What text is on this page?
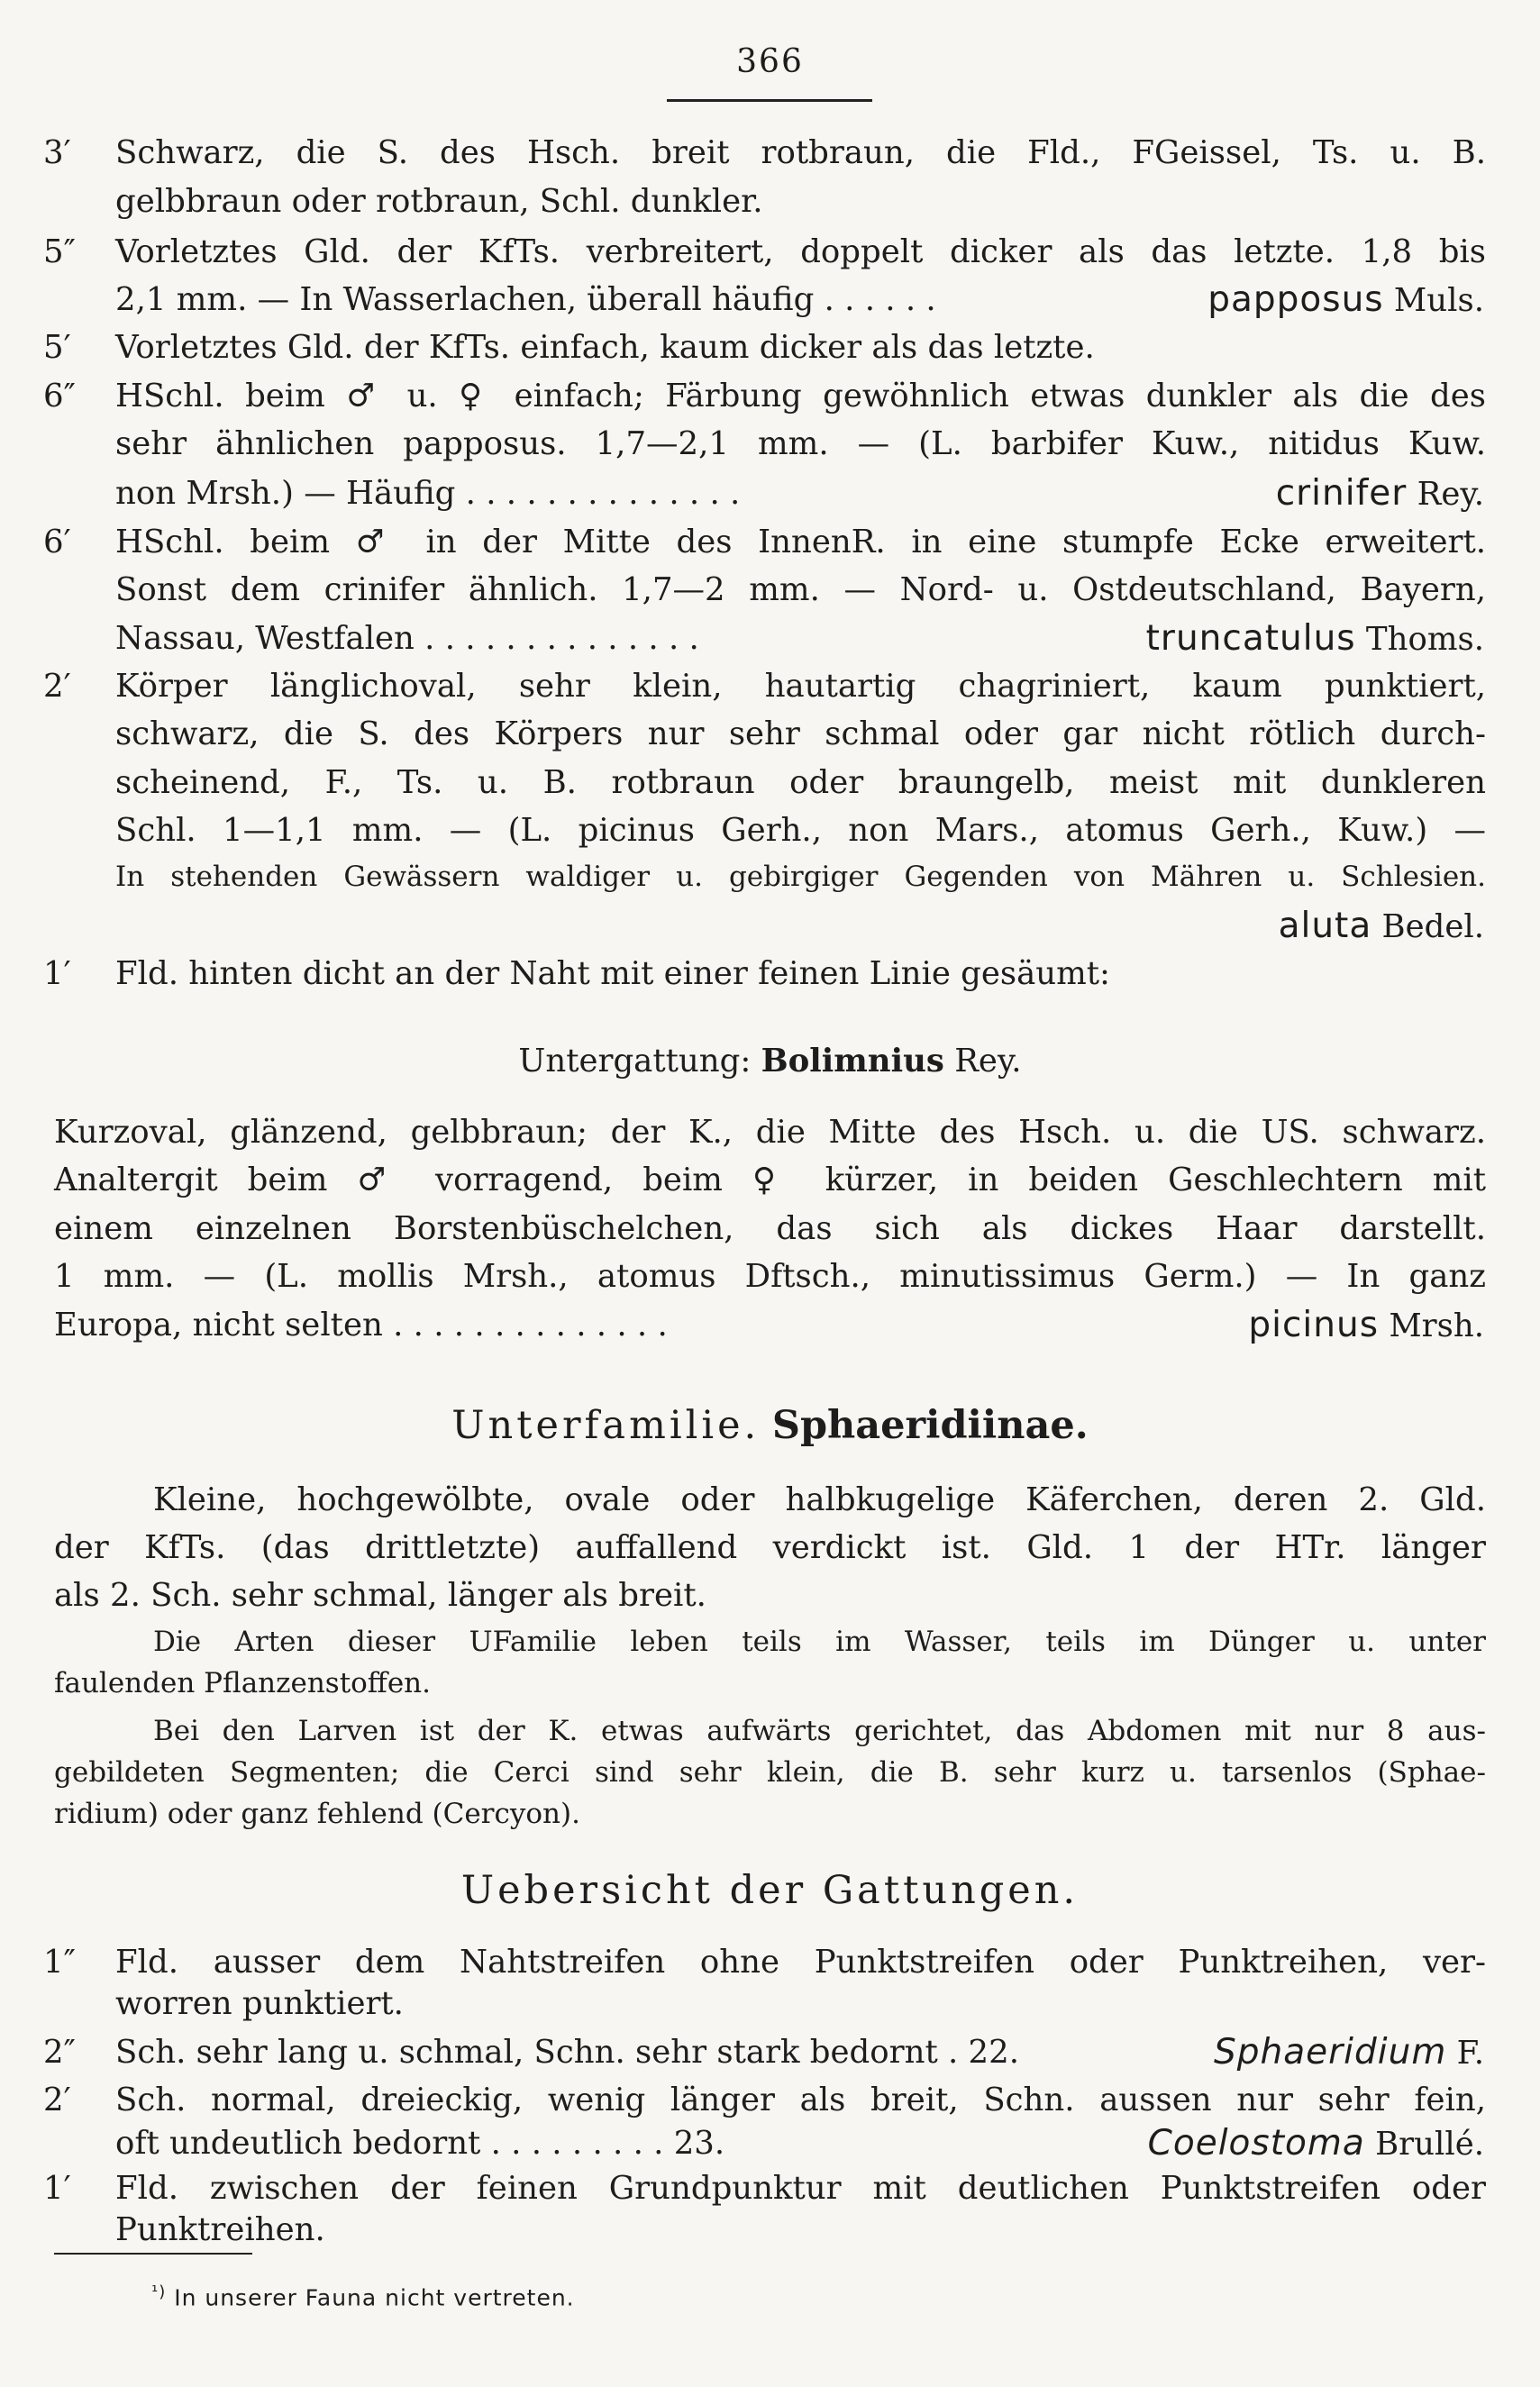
366
3′	Schwarz, die S. des Hsch. breit rotbraun, die Fld., FGeissel, Ts. u. B.
gelbbraun oder rotbraun, Schl. dunkler.
5″	Vorletztes Gld. der KfTs. verbreitert, doppelt dicker als das letzte. 1,8 bis
2,1 mm. — In Wasserlachen, überall häufig . . . . . .	papposus Muls.
5′	Vorletztes Gld. der KfTs. einfach, kaum dicker als das letzte.
6″	HSchl. beim ♂ u. ♀ einfach; Färbung gewöhnlich etwas dunkler als die des
sehr ähnlichen papposus. 1,7—2,1 mm. — (L. barbifer Kuw., nitidus Kuw.
non Mrsh.) — Häufig . . . . . . . . . . . . . .	crinifer Rey.
6′	HSchl. beim ♂ in der Mitte des InnenR. in eine stumpfe Ecke erweitert.
Sonst dem crinifer ähnlich. 1,7—2 mm. — Nord- u. Ostdeutschland, Bayern,
Nassau, Westfalen . . . . . . . . . . . . . .	truncatulus Thoms.
2′	Körper länglichoval, sehr klein, hautartig chagriniert, kaum punktiert,
schwarz, die S. des Körpers nur sehr schmal oder gar nicht rötlich durch-
scheinend, F., Ts. u. B. rotbraun oder braungelb, meist mit dunkleren
Schl. 1—1,1 mm. — (L. picinus Gerh., non Mars., atomus Gerh., Kuw.) —
In stehenden Gewässern waldiger u. gebirgiger Gegenden von Mähren u. Schlesien.
aluta Bedel.
1′	Fld. hinten dicht an der Naht mit einer feinen Linie gesäumt:
Untergattung: Bolimnius Rey.
Kurzoval, glänzend, gelbbraun; der K., die Mitte des Hsch. u. die US. schwarz.
Analtergit beim ♂ vorragend, beim ♀ kürzer, in beiden Geschlechtern mit
einem einzelnen Borstenbüschelchen, das sich als dickes Haar darstellt.
1 mm. — (L. mollis Mrsh., atomus Dftsch., minutissimus Germ.) — In ganz
Europa, nicht selten . . . . . . . . . . . . . .	picinus Mrsh.
Unterfamilie. Sphaeridiinae.
Kleine, hochgewölbte, ovale oder halbkugelige Käferchen, deren 2. Gld.
der KfTs. (das drittletzte) auffallend verdickt ist. Gld. 1 der HTr. länger
als 2. Sch. sehr schmal, länger als breit.
Die Arten dieser UFamilie leben teils im Wasser, teils im Dünger u. unter
faulenden Pflanzenstoffen.
Bei den Larven ist der K. etwas aufwärts gerichtet, das Abdomen mit nur 8 aus-
gebildeten Segmenten; die Cerci sind sehr klein, die B. sehr kurz u. tarsenlos (Sphae-
ridium) oder ganz fehlend (Cercyon).
Uebersicht der Gattungen.
1″	Fld. ausser dem Nahtstreifen ohne Punktstreifen oder Punktreihen, ver-
worren punktiert.
2″	Sch. sehr lang u. schmal, Schn. sehr stark bedornt . 22.	Sphaeridium F.
2′	Sch. normal, dreieckig, wenig länger als breit, Schn. aussen nur sehr fein,
oft undeutlich bedornt . . . . . . . . . 23.	Coelostoma Brullé.
1′	Fld. zwischen der feinen Grundpunktur mit deutlichen Punktstreifen oder
Punktreihen.
$^{^1)}$ In unserer Fauna nicht vertreten.
